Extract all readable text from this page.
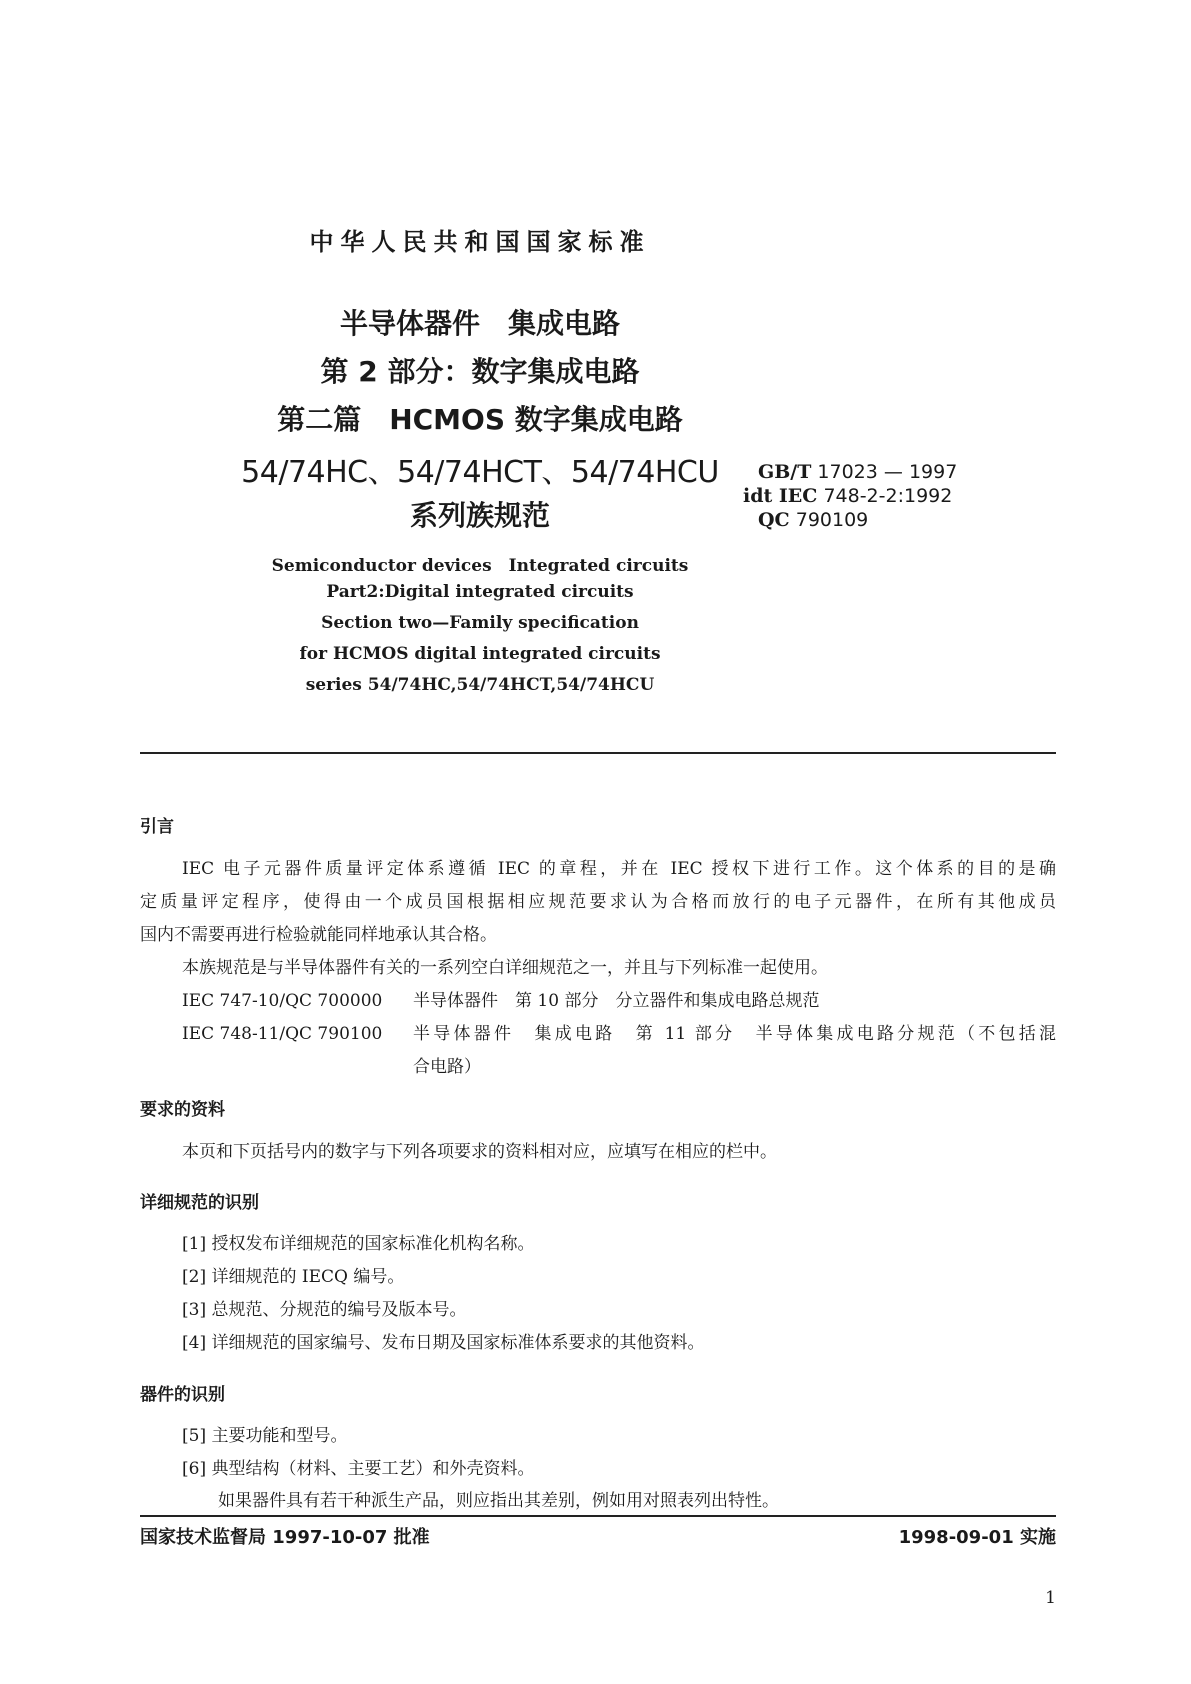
中华人民共和国国家标准
半导体器件　集成电路
第 2 部分：数字集成电路
第二篇　HCMOS 数字集成电路
54/74HC、54/74HCT、54/74HCU
系列族规范
GB/T 17023 — 1997
idt IEC 748-2-2:1992
QC 790109
Semiconductor devices　Integrated circuits
Part2:Digital integrated circuits
Section two—Family specification
for HCMOS digital integrated circuits
series 54/74HC,54/74HCT,54/74HCU
引言
IEC 电子元器件质量评定体系遵循 IEC 的章程，并在 IEC 授权下进行工作。这个体系的目的是确
定质量评定程序，使得由一个成员国根据相应规范要求认为合格而放行的电子元器件，在所有其他成员
国内不需要再进行检验就能同样地承认其合格。
本族规范是与半导体器件有关的一系列空白详细规范之一，并且与下列标准一起使用。
IEC 747-10/QC 700000 半导体器件　第 10 部分　分立器件和集成电路总规范
IEC 748-11/QC 790100 半导体器件　集成电路　第 11 部分　半导体集成电路分规范（不包括混
合电路）
要求的资料
本页和下页括号内的数字与下列各项要求的资料相对应，应填写在相应的栏中。
详细规范的识别
[1] 授权发布详细规范的国家标准化机构名称。
[2] 详细规范的 IECQ 编号。
[3] 总规范、分规范的编号及版本号。
[4] 详细规范的国家编号、发布日期及国家标准体系要求的其他资料。
器件的识别
[5] 主要功能和型号。
[6] 典型结构（材料、主要工艺）和外壳资料。
如果器件具有若干种派生产品，则应指出其差别，例如用对照表列出特性。
国家技术监督局 1997-10-07 批准	1998-09-01 实施
1
